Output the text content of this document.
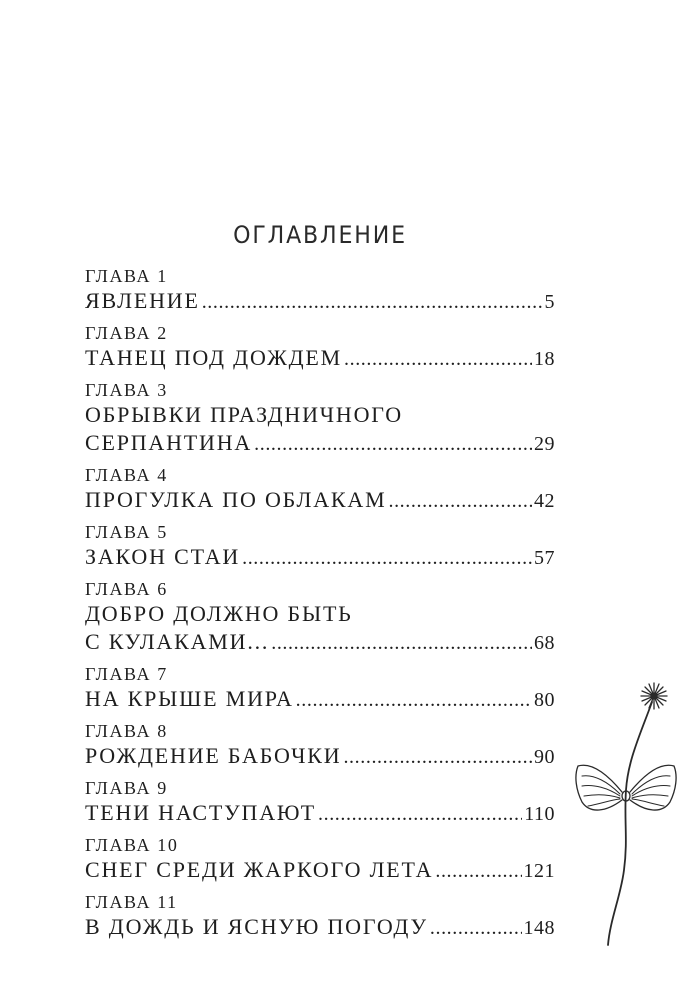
ОГЛАВЛЕНИЕ
ГЛАВА 1
ЯВЛЕНИЕ . . .	5
ГЛАВА 2
ТАНЕЦ ПОД ДОЖДЕМ . . .	18
ГЛАВА 3
ОБРЫВКИ ПРАЗДНИЧНОГО
СЕРПАНТИНА . . .	29
ГЛАВА 4
ПРОГУЛКА ПО ОБЛАКАМ . . .	42
ГЛАВА 5
ЗАКОН СТАИ . . .	57
ГЛАВА 6
ДОБРО ДОЛЖНО БЫТЬ
С КУЛАКАМИ... . . .	68
ГЛАВА 7
НА КРЫШЕ МИРА . . .	80
ГЛАВА 8
РОЖДЕНИЕ БАБОЧКИ . . .	90
ГЛАВА 9
ТЕНИ НАСТУПАЮТ . . .	110
ГЛАВА 10
СНЕГ СРЕДИ ЖАРКОГО ЛЕТА . . .	121
ГЛАВА 11
В ДОЖДЬ И ЯСНУЮ ПОГОДУ . . .	148
